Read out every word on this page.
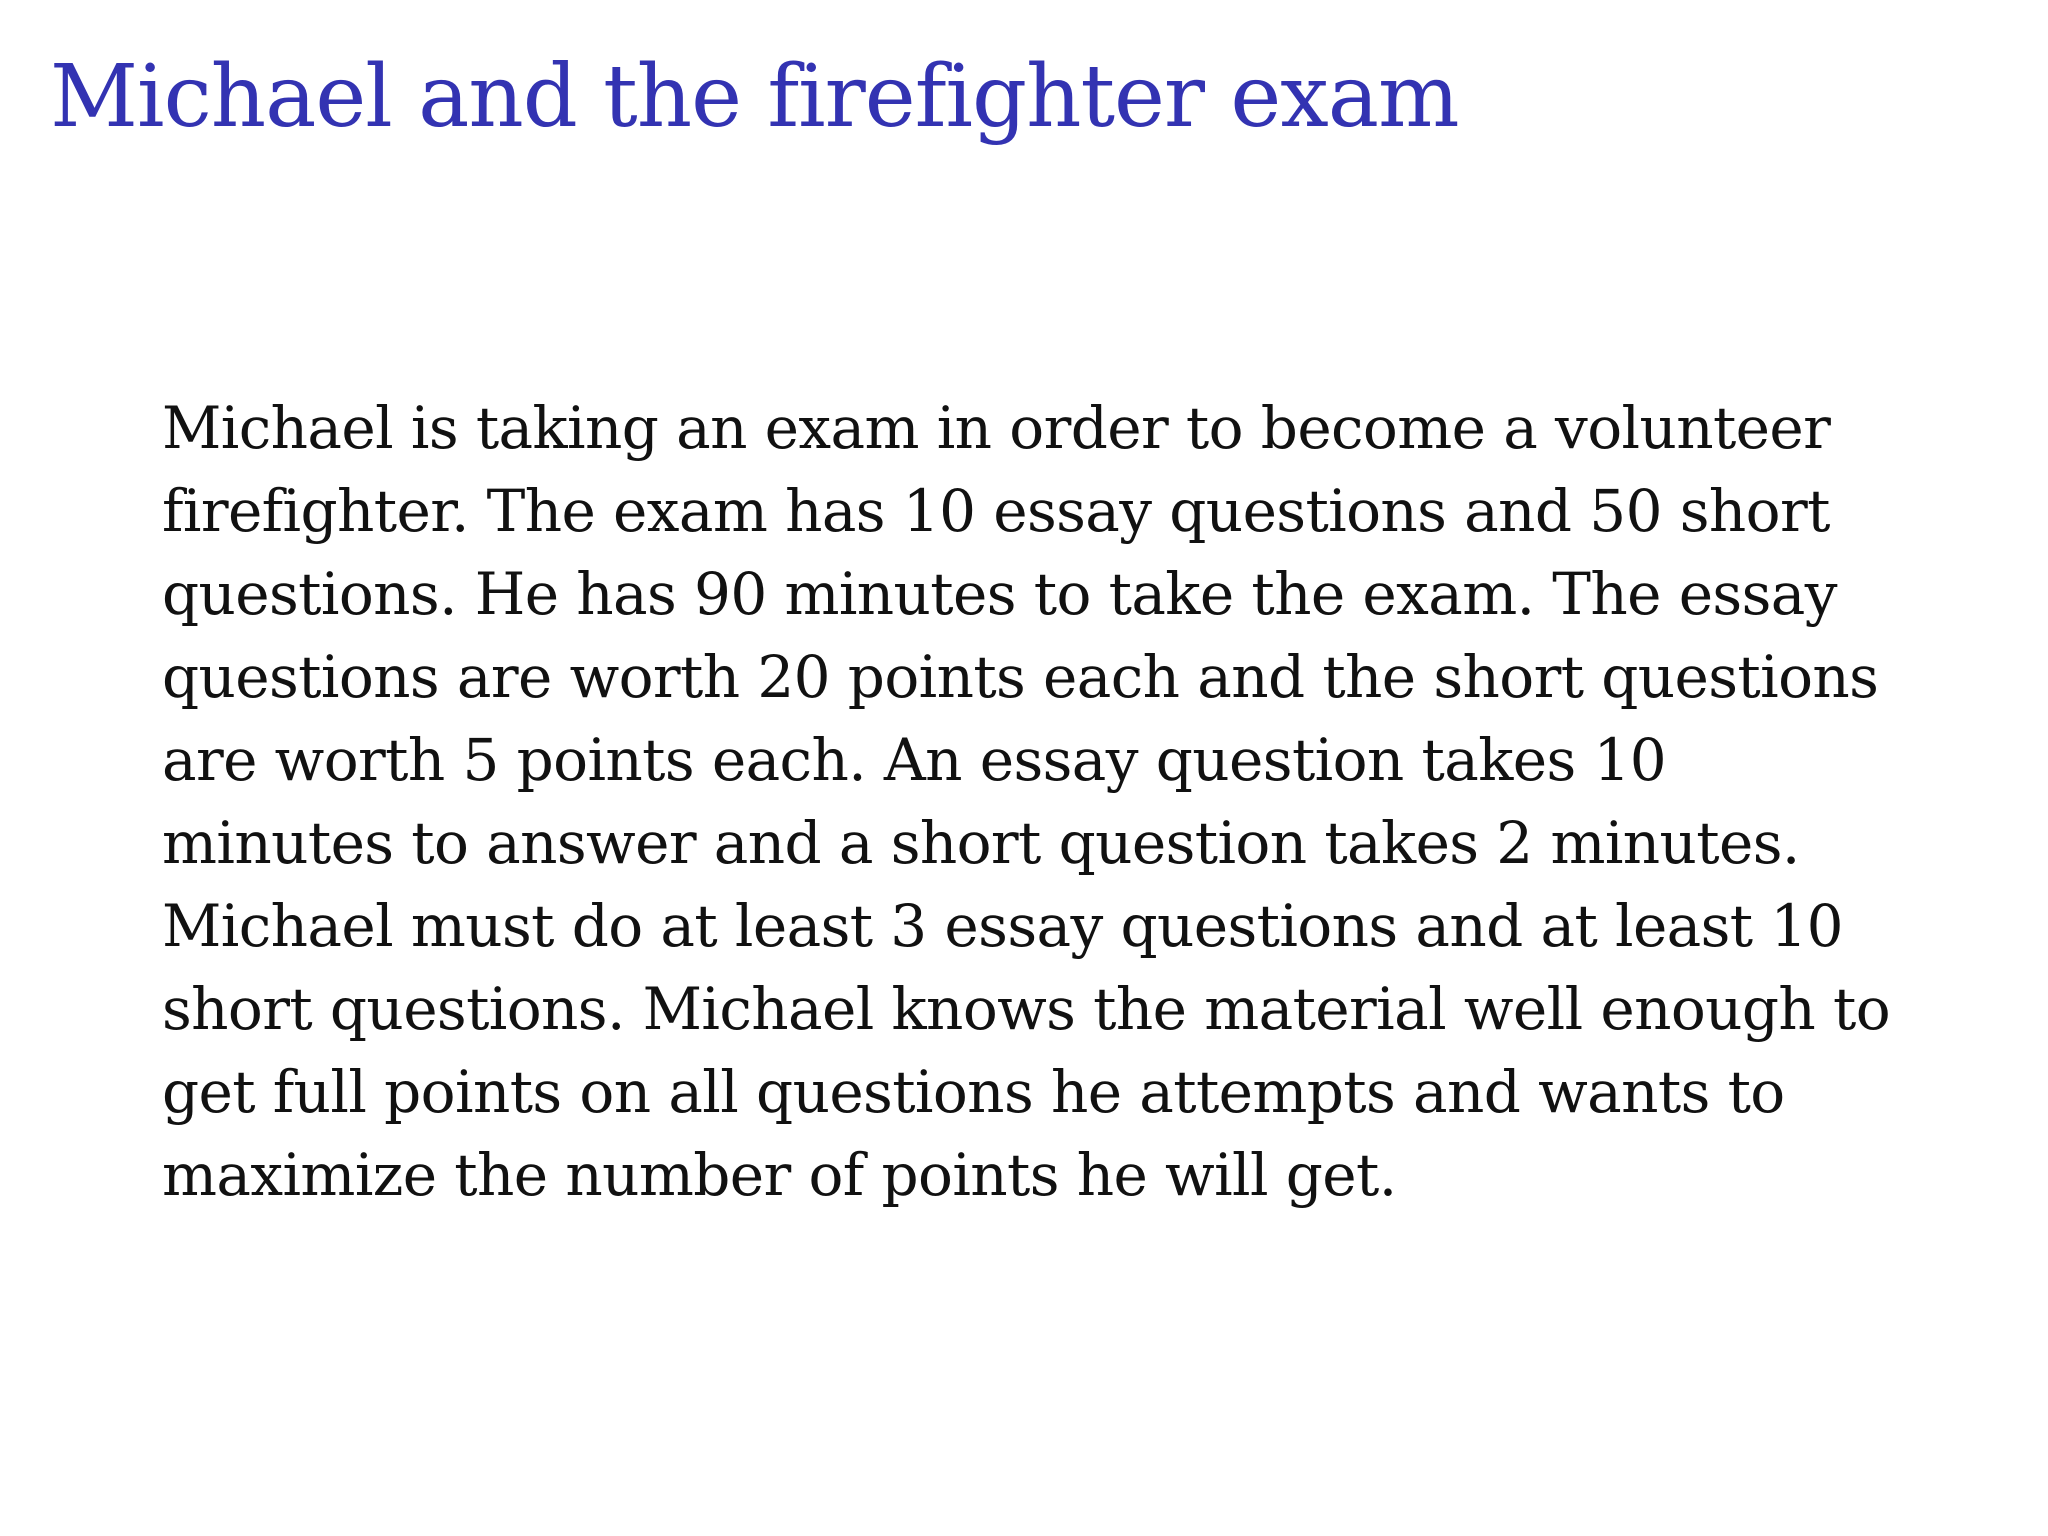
Michael and the firefighter exam
Michael is taking an exam in order to become a volunteer
firefighter. The exam has 10 essay questions and 50 short
questions. He has 90 minutes to take the exam. The essay
questions are worth 20 points each and the short questions
are worth 5 points each. An essay question takes 10
minutes to answer and a short question takes 2 minutes.
Michael must do at least 3 essay questions and at least 10
short questions. Michael knows the material well enough to
get full points on all questions he attempts and wants to
maximize the number of points he will get.
